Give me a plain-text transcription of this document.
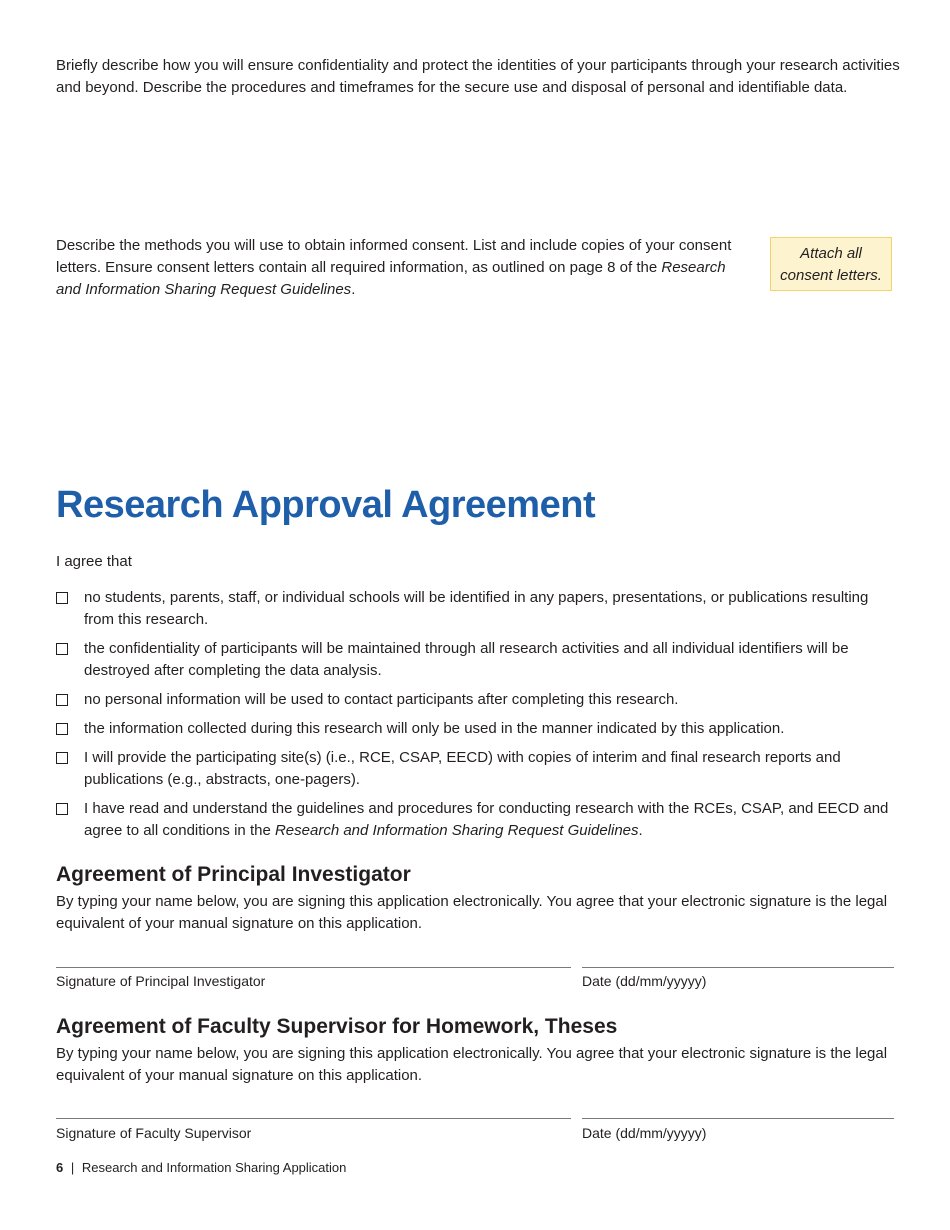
Briefly describe how you will ensure confidentiality and protect the identities of your participants through your research activities and beyond. Describe the procedures and timeframes for the secure use and disposal of personal and identifiable data.

Describe the methods you will use to obtain informed consent. List and include copies of your consent letters. Ensure consent letters contain all required information, as outlined on page 8 of the Research and Information Sharing Request Guidelines.

Attach all
consent letters.
Research Approval Agreement

I agree that

no students, parents, staff, or individual schools will be identified in any papers, presentations, or publications resulting from this research.
the confidentiality of participants will be maintained through all research activities and all individual identifiers will be destroyed after completing the data analysis.
no personal information will be used to contact participants after completing this research.
the information collected during this research will only be used in the manner indicated by this application.
I will provide the participating site(s) (i.e., RCE, CSAP, EECD) with copies of interim and final research reports and publications (e.g., abstracts, one-pagers).
I have read and understand the guidelines and procedures for conducting research with the RCEs, CSAP, and EECD and agree to all conditions in the Research and Information Sharing Request Guidelines.
Agreement of Principal Investigator

By typing your name below, you are signing this application electronically. You agree that your electronic signature is the legal equivalent of your manual signature on this application.

Signature of Principal Investigator	Date (dd/mm/yyyyy)
Agreement of Faculty Supervisor for Homework, Theses

By typing your name below, you are signing this application electronically. You agree that your electronic signature is the legal equivalent of your manual signature on this application.

Signature of Faculty Supervisor	Date (dd/mm/yyyyy)
6 | Research and Information Sharing Application
